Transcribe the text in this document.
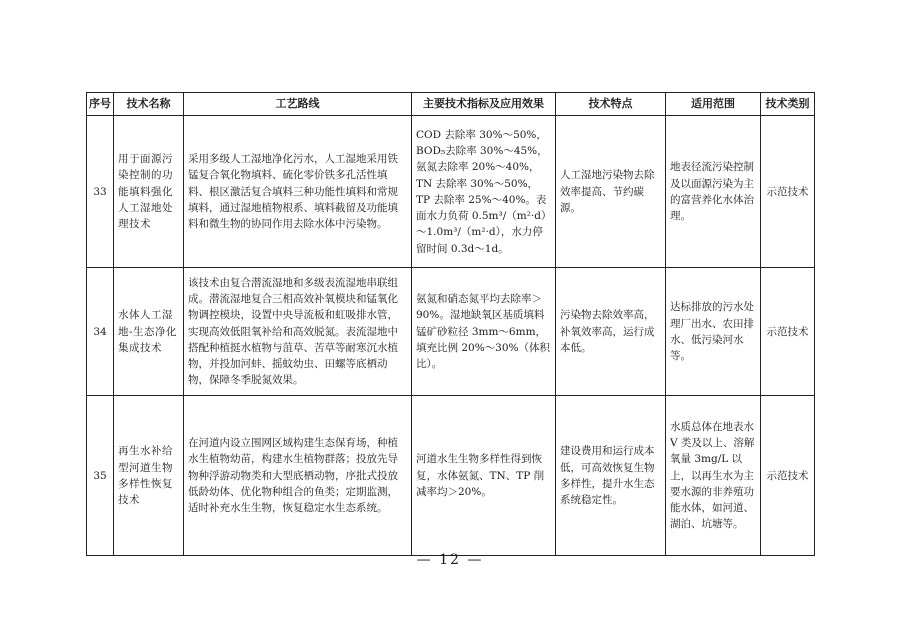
序号	技术名称	工艺路线	主要技术指标及应用效果	技术特点	适用范围	技术类别
33	用于面源污染控制的功能填料强化人工湿地处理技术	采用多级人工湿地净化污水，人工湿地采用铁锰复合氧化物填料、硫化零价铁多孔活性填料、根区激活复合填料三种功能性填料和常规填料，通过湿地植物根系、填料截留及功能填料和微生物的协同作用去除水体中污染物。	COD 去除率 30%～50%，BOD₅去除率 30%～45%，氨氮去除率 20%～40%，TN 去除率 30%～50%，TP 去除率 25%～40%。表面水力负荷 0.5m³/（m²·d）～1.0m³/（m²·d），水力停留时间 0.3d～1d。	人工湿地污染物去除效率提高、节约碳源。	地表径流污染控制及以面源污染为主的富营养化水体治理。	示范技术
34	水体人工湿地-生态净化集成技术	该技术由复合潜流湿地和多级表流湿地串联组成。潜流湿地复合三相高效补氧模块和锰氧化物调控模块，设置中央导流板和虹吸排水管，实现高效低阻氧补给和高效脱氮。表流湿地中搭配种植挺水植物与菹草、苦草等耐寒沉水植物，并投加河蚌、摇蚊幼虫、田螺等底栖动物，保障冬季脱氮效果。	氨氮和硝态氮平均去除率＞90%。湿地缺氧区基质填料锰矿砂粒径 3mm～6mm，填充比例 20%～30%（体积比）。	污染物去除效率高，补氧效率高，运行成本低。	达标排放的污水处理厂出水、农田排水、低污染河水等。	示范技术
35	再生水补给型河道生物多样性恢复技术	在河道内设立围网区域构建生态保育场，种植水生植物幼苗，构建水生植物群落；投放先导物种浮游动物类和大型底栖动物，序批式投放低龄幼体、优化物种组合的鱼类；定期监测，适时补充水生生物，恢复稳定水生态系统。	河道水生生物多样性得到恢复，水体氨氮、TN、TP 削减率均＞20%。	建设费用和运行成本低，可高效恢复生物多样性，提升水生态系统稳定性。	水质总体在地表水 V 类及以上、溶解氧量 3mg/L 以上，以再生水为主要水源的非养殖功能水体，如河道、湖泊、坑塘等。	示范技术
— 12 —
